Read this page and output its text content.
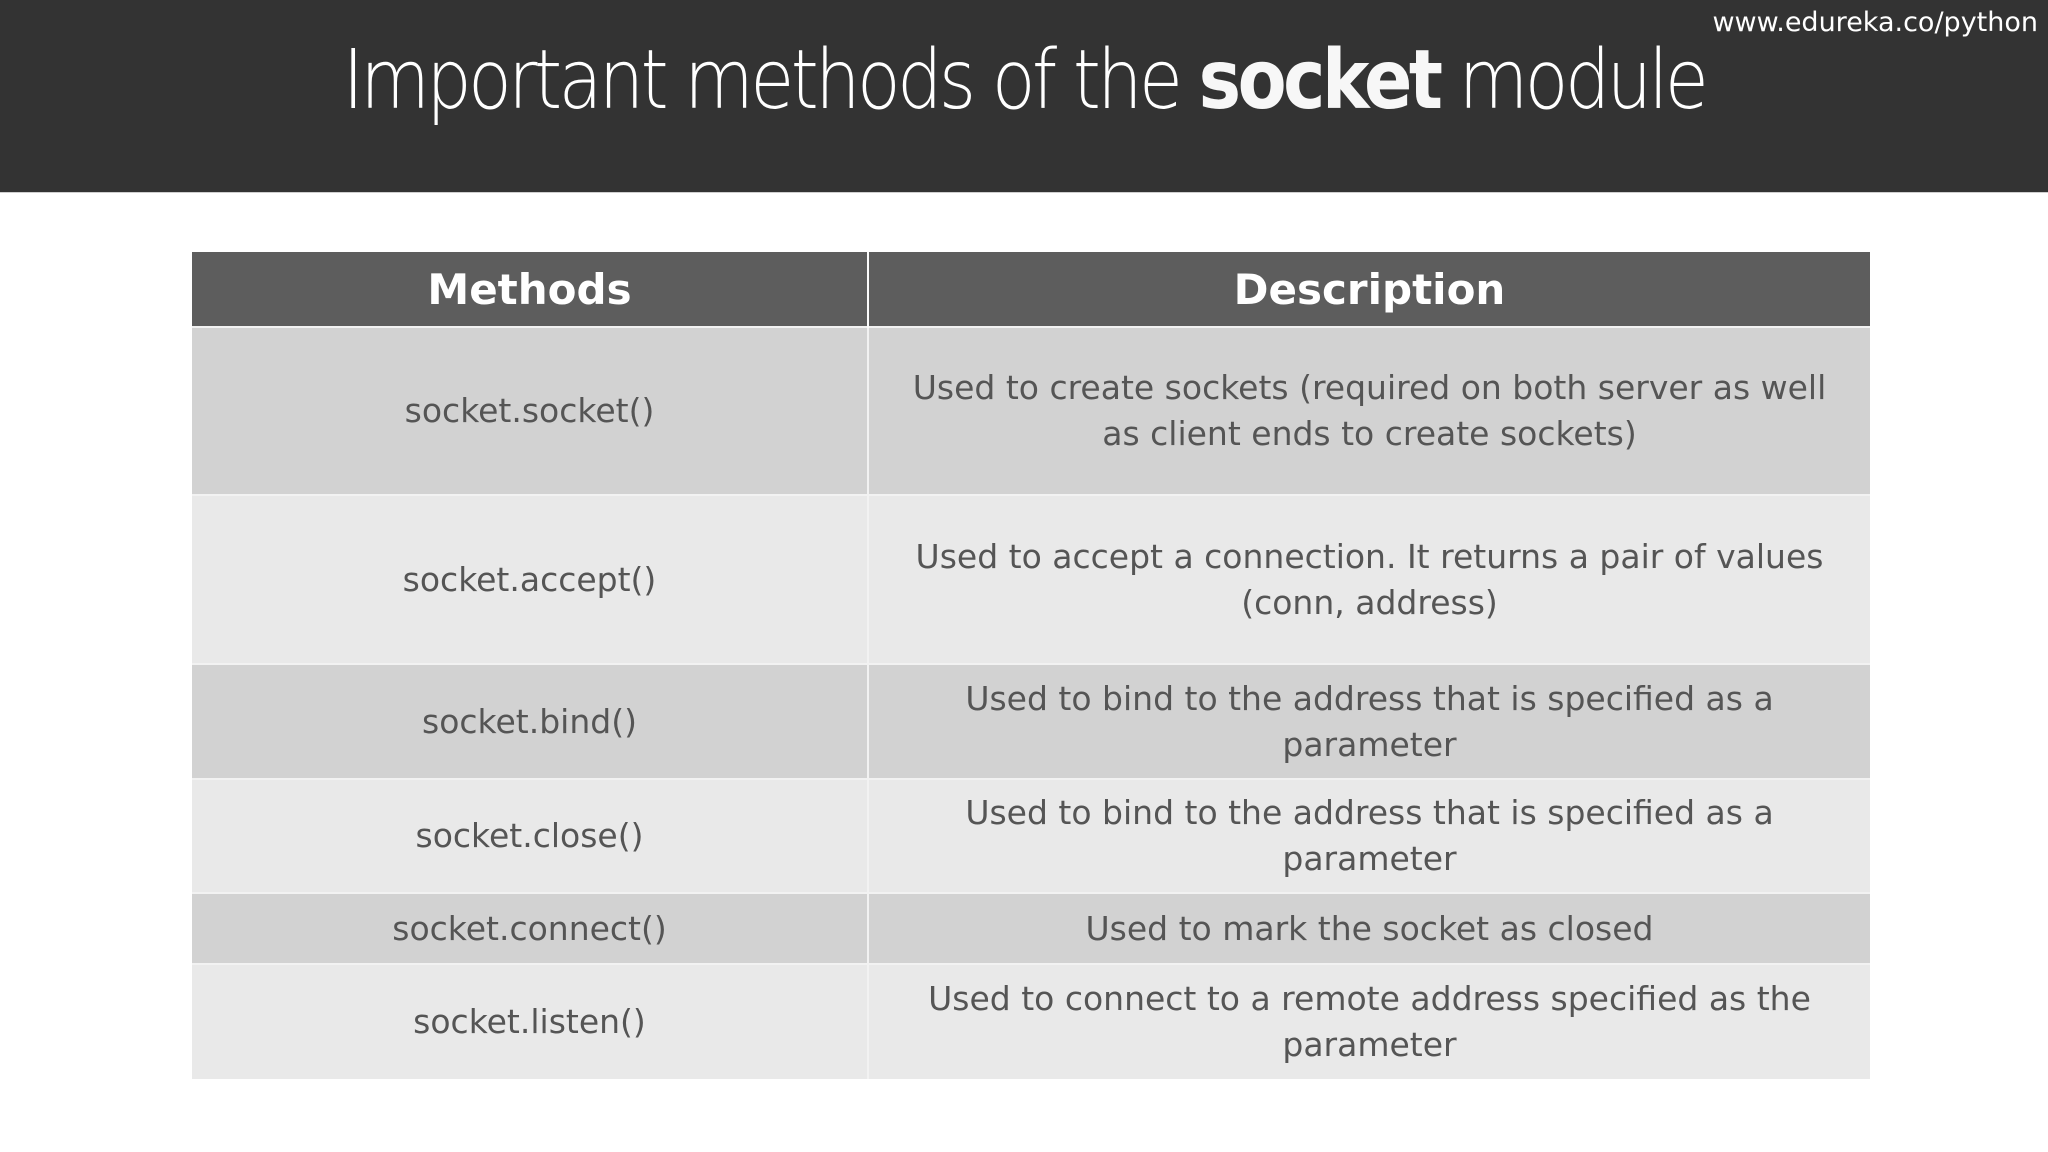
www.edureka.co/python
Important methods of the socket module
Methods	Description
socket.socket()	Used to create sockets (required on both server as well as client ends to create sockets)
socket.accept()	Used to accept a connection. It returns a pair of values (conn, address)
socket.bind()	Used to bind to the address that is specified as a parameter
socket.close()	Used to bind to the address that is specified as a parameter
socket.connect()	Used to mark the socket as closed
socket.listen()	Used to connect to a remote address specified as the parameter
